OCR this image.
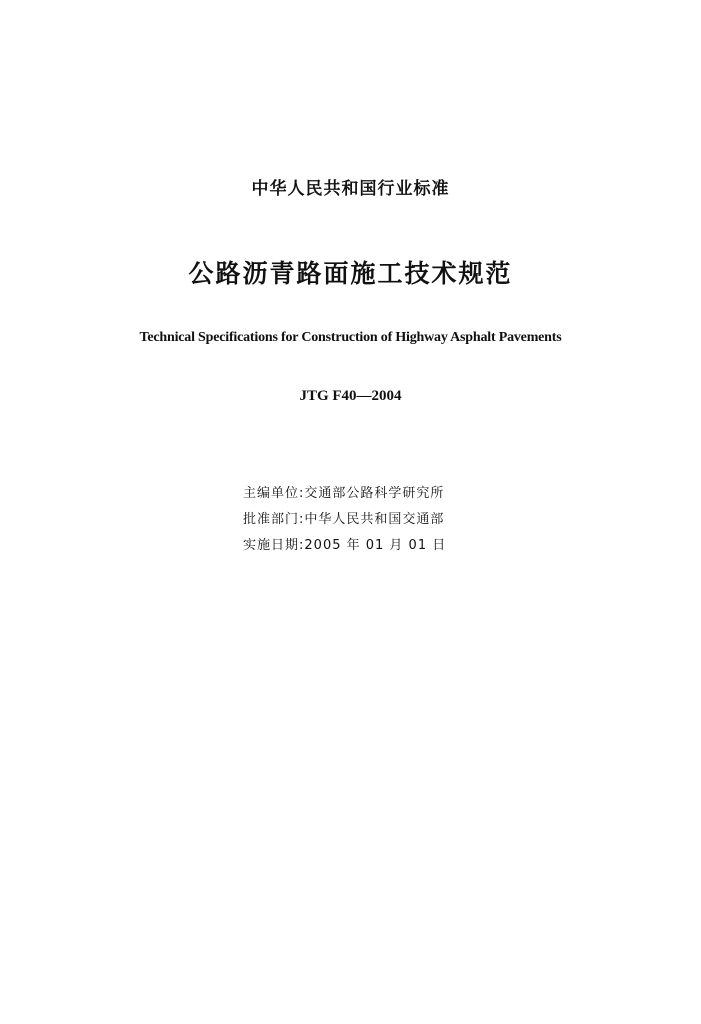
中华人民共和国行业标准
公路沥青路面施工技术规范
Technical Specifications for Construction of Highway Asphalt Pavements
JTG F40—2004
主编单位:交通部公路科学研究所
批准部门:中华人民共和国交通部
实施日期:2005 年 01 月 01 日
